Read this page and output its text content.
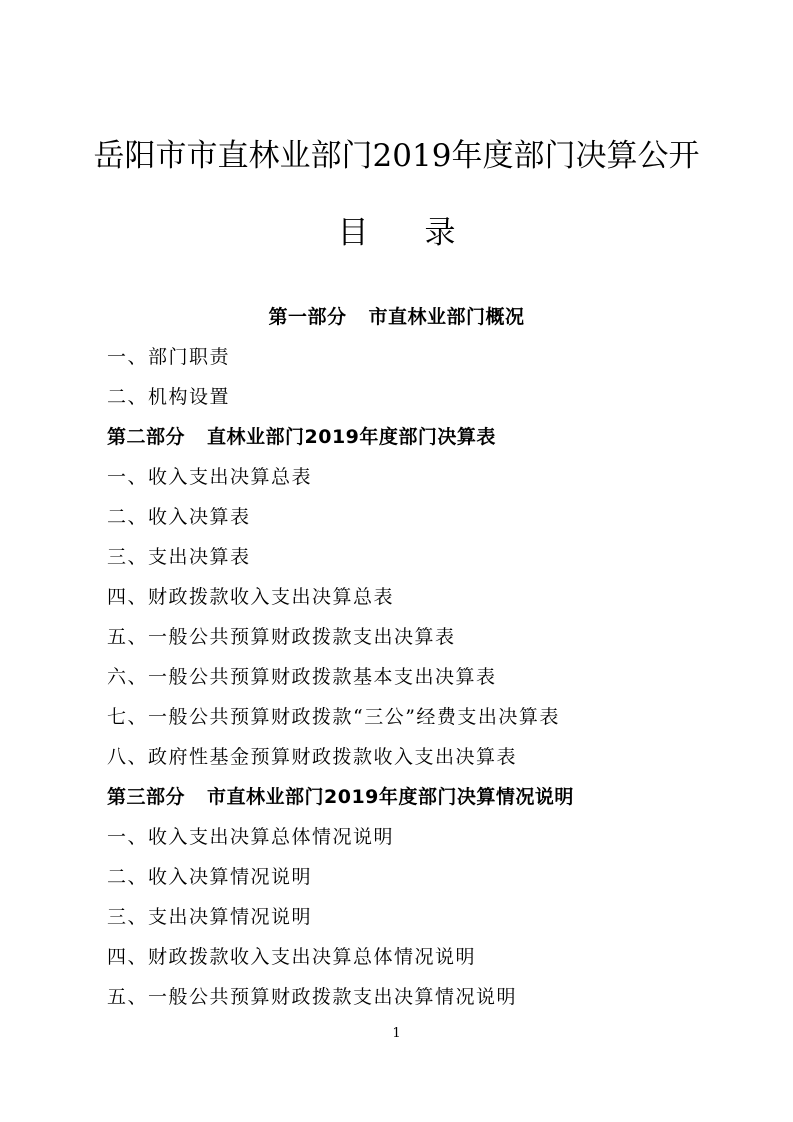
岳阳市市直林业部门2019年度部门决算公开
目 录
第一部分 市直林业部门概况
一、部门职责
二、机构设置
第二部分 直林业部门2019年度部门决算表
一、收入支出决算总表
二、收入决算表
三、支出决算表
四、财政拨款收入支出决算总表
五、一般公共预算财政拨款支出决算表
六、一般公共预算财政拨款基本支出决算表
七、一般公共预算财政拨款“三公”经费支出决算表
八、政府性基金预算财政拨款收入支出决算表
第三部分 市直林业部门2019年度部门决算情况说明
一、收入支出决算总体情况说明
二、收入决算情况说明
三、支出决算情况说明
四、财政拨款收入支出决算总体情况说明
五、一般公共预算财政拨款支出决算情况说明
1
